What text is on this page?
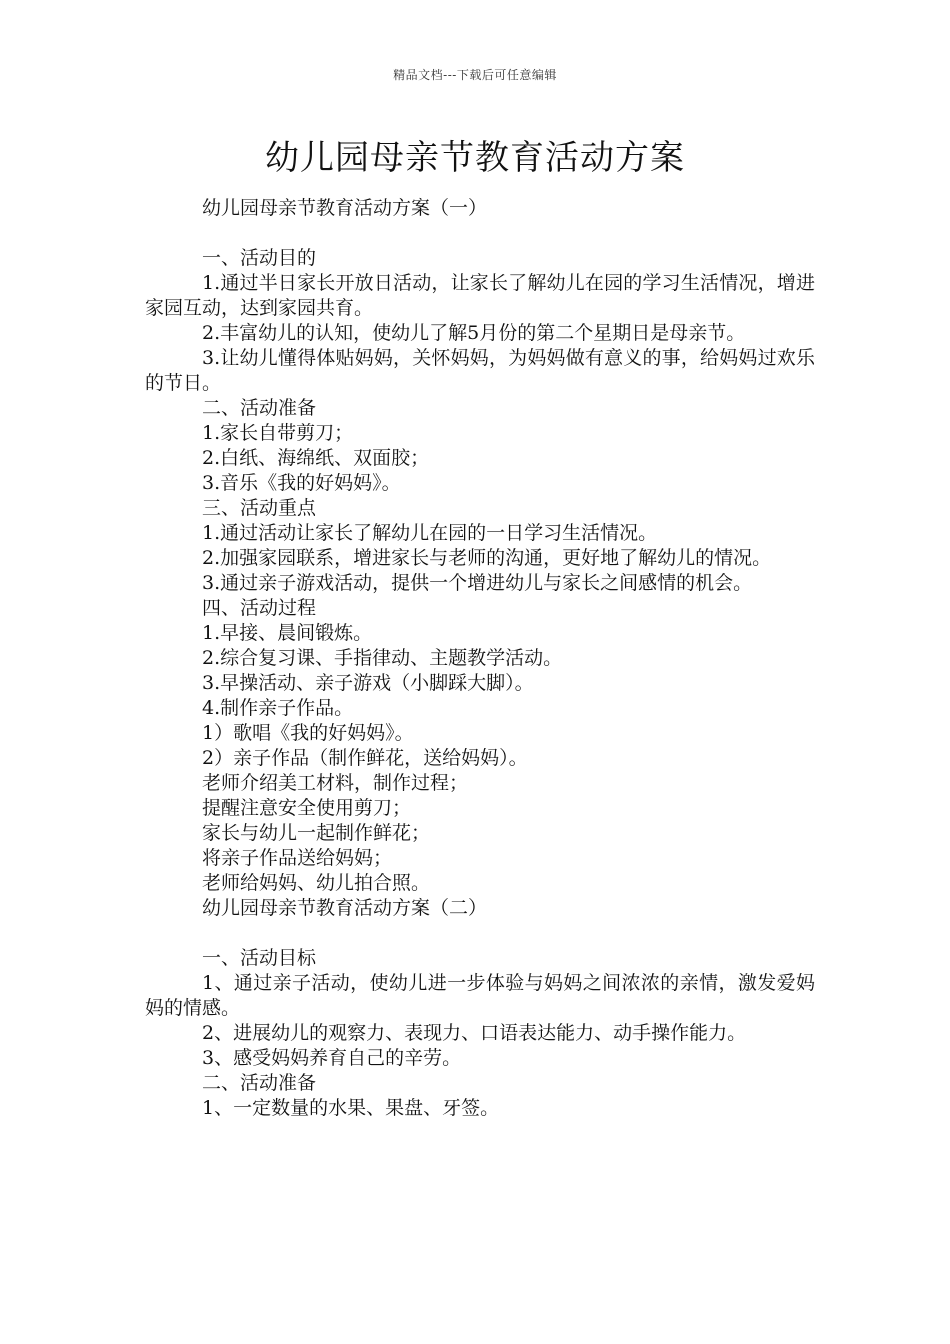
精品文档---下载后可任意编辑
幼儿园母亲节教育活动方案

幼儿园母亲节教育活动方案（一）

一、活动目的

1.通过半日家长开放日活动，让家长了解幼儿在园的学习生活情况，增进家园互动，达到家园共育。

2.丰富幼儿的认知，使幼儿了解5月份的第二个星期日是母亲节。

3.让幼儿懂得体贴妈妈，关怀妈妈，为妈妈做有意义的事，给妈妈过欢乐的节日。

二、活动准备

1.家长自带剪刀；

2.白纸、海绵纸、双面胶；

3.音乐《我的好妈妈》。

三、活动重点

1.通过活动让家长了解幼儿在园的一日学习生活情况。

2.加强家园联系，增进家长与老师的沟通，更好地了解幼儿的情况。

3.通过亲子游戏活动，提供一个增进幼儿与家长之间感情的机会。

四、活动过程

1.早接、晨间锻炼。

2.综合复习课、手指律动、主题教学活动。

3.早操活动、亲子游戏（小脚踩大脚）。

4.制作亲子作品。

1）歌唱《我的好妈妈》。

2）亲子作品（制作鲜花，送给妈妈）。

老师介绍美工材料，制作过程；

提醒注意安全使用剪刀；

家长与幼儿一起制作鲜花；

将亲子作品送给妈妈；

老师给妈妈、幼儿拍合照。

幼儿园母亲节教育活动方案（二）

一、活动目标

1、通过亲子活动，使幼儿进一步体验与妈妈之间浓浓的亲情，激发爱妈妈的情感。

2、进展幼儿的观察力、表现力、口语表达能力、动手操作能力。

3、感受妈妈养育自己的辛劳。

二、活动准备

1、一定数量的水果、果盘、牙签。
